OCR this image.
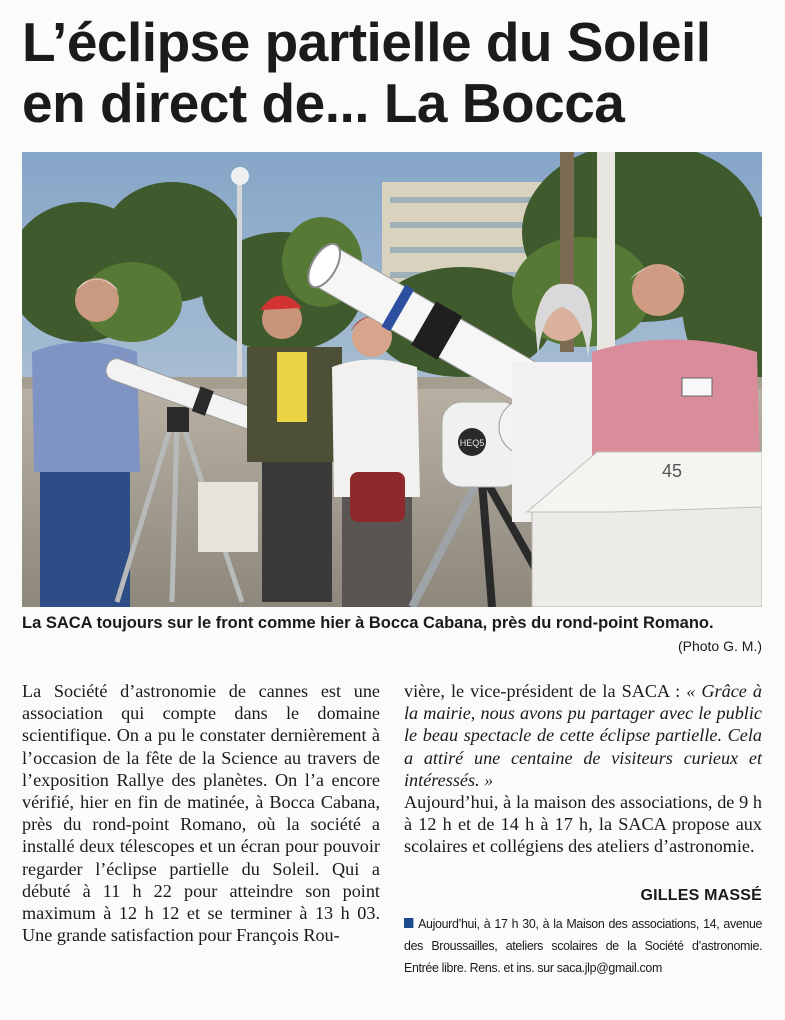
L’éclipse partielle du Soleil
en direct de... La Bocca
HEQ5
45
La SACA toujours sur le front comme hier à Bocca Cabana, près du rond-point Romano.
(Photo G. M.)

La Société d’astronomie de cannes est une association qui compte dans le domaine scientifique. On a pu le constater dernièrement à l’occasion de la fête de la Science au travers de l’exposition Rallye des planètes. On l’a encore vérifié, hier en fin de matinée, à Bocca Cabana, près du rond-point Romano, où la société a installé deux télescopes et un écran pour pouvoir regarder l’éclipse partielle du Soleil. Qui a débuté à 11 h 22 pour atteindre son point maximum à 12 h 12 et se terminer à 13 h 03. Une grande satisfaction pour François Rou-

vière, le vice-président de la SACA : « Grâce à la mairie, nous avons pu partager avec le public le beau spectacle de cette éclipse partielle. Cela a attiré une centaine de visiteurs curieux et intéressés. »

Aujourd’hui, à la maison des associations, de 9 h à 12 h et de 14 h à 17 h, la SACA propose aux scolaires et collégiens des ateliers d’astronomie.

GILLES MASSÉ
Aujourd’hui, à 17 h 30, à la Maison des associations, 14, avenue des Broussailles, ateliers scolaires de la Société d’astronomie. Entrée libre. Rens. et ins. sur saca.jlp@gmail.com
